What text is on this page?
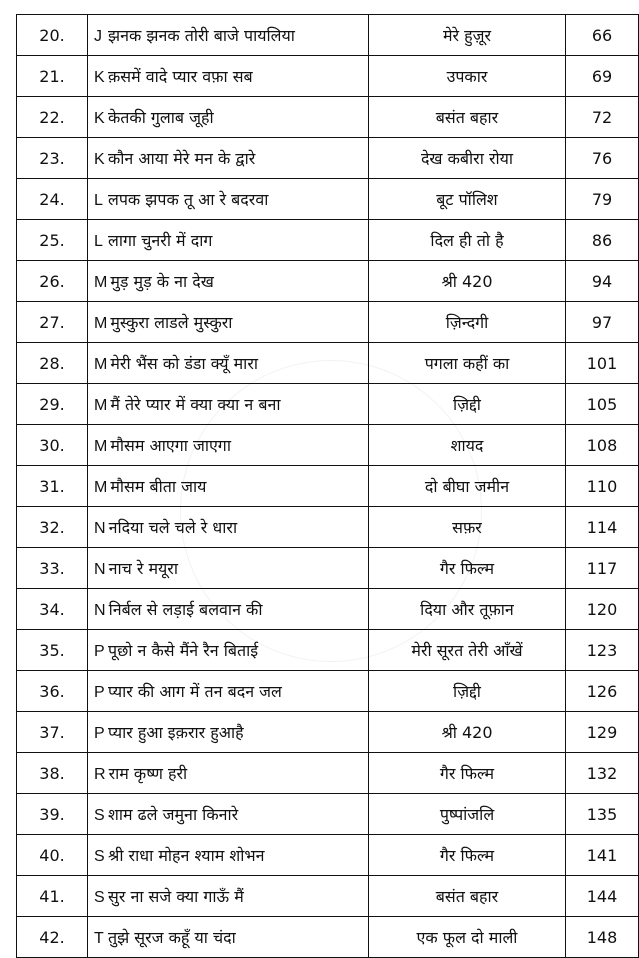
20.	J झनक झनक तोरी बाजे पायलिया	मेरे हुज़ूर	66
21.	K क़समें वादे प्यार वफ़ा सब	उपकार	69
22.	K केतकी गुलाब जूही	बसंत बहार	72
23.	K कौन आया मेरे मन के द्वारे	देख कबीरा रोया	76
24.	L लपक झपक तू आ रे बदरवा	बूट पॉलिश	79
25.	L लागा चुनरी में दाग	दिल ही तो है	86
26.	M मुड़ मुड़ के ना देख	श्री 420	94
27.	M मुस्कुरा लाडले मुस्कुरा	ज़िन्दगी	97
28.	M मेरी भैंस को डंडा क्यूँ मारा	पगला कहीं का	101
29.	M मैं तेरे प्यार में क्या क्या न बना	ज़िद्दी	105
30.	M मौसम आएगा जाएगा	शायद	108
31.	M मौसम बीता जाय	दो बीघा जमीन	110
32.	N नदिया चले चले रे धारा	सफ़र	114
33.	N नाच रे मयूरा	गैर फिल्म	117
34.	N निर्बल से लड़ाई बलवान की	दिया और तूफ़ान	120
35.	P पूछो न कैसे मैंने रैन बिताई	मेरी सूरत तेरी आँखें	123
36.	P प्यार की आग में तन बदन जल	ज़िद्दी	126
37.	P प्यार हुआ इक़रार हुआहै	श्री 420	129
38.	R राम कृष्ण हरी	गैर फिल्म	132
39.	S शाम ढले जमुना किनारे	पुष्पांजलि	135
40.	S श्री राधा मोहन श्याम शोभन	गैर फिल्म	141
41.	S सुर ना सजे क्या गाऊँ मैं	बसंत बहार	144
42.	T तुझे सूरज कहूँ या चंदा	एक फूल दो माली	148
